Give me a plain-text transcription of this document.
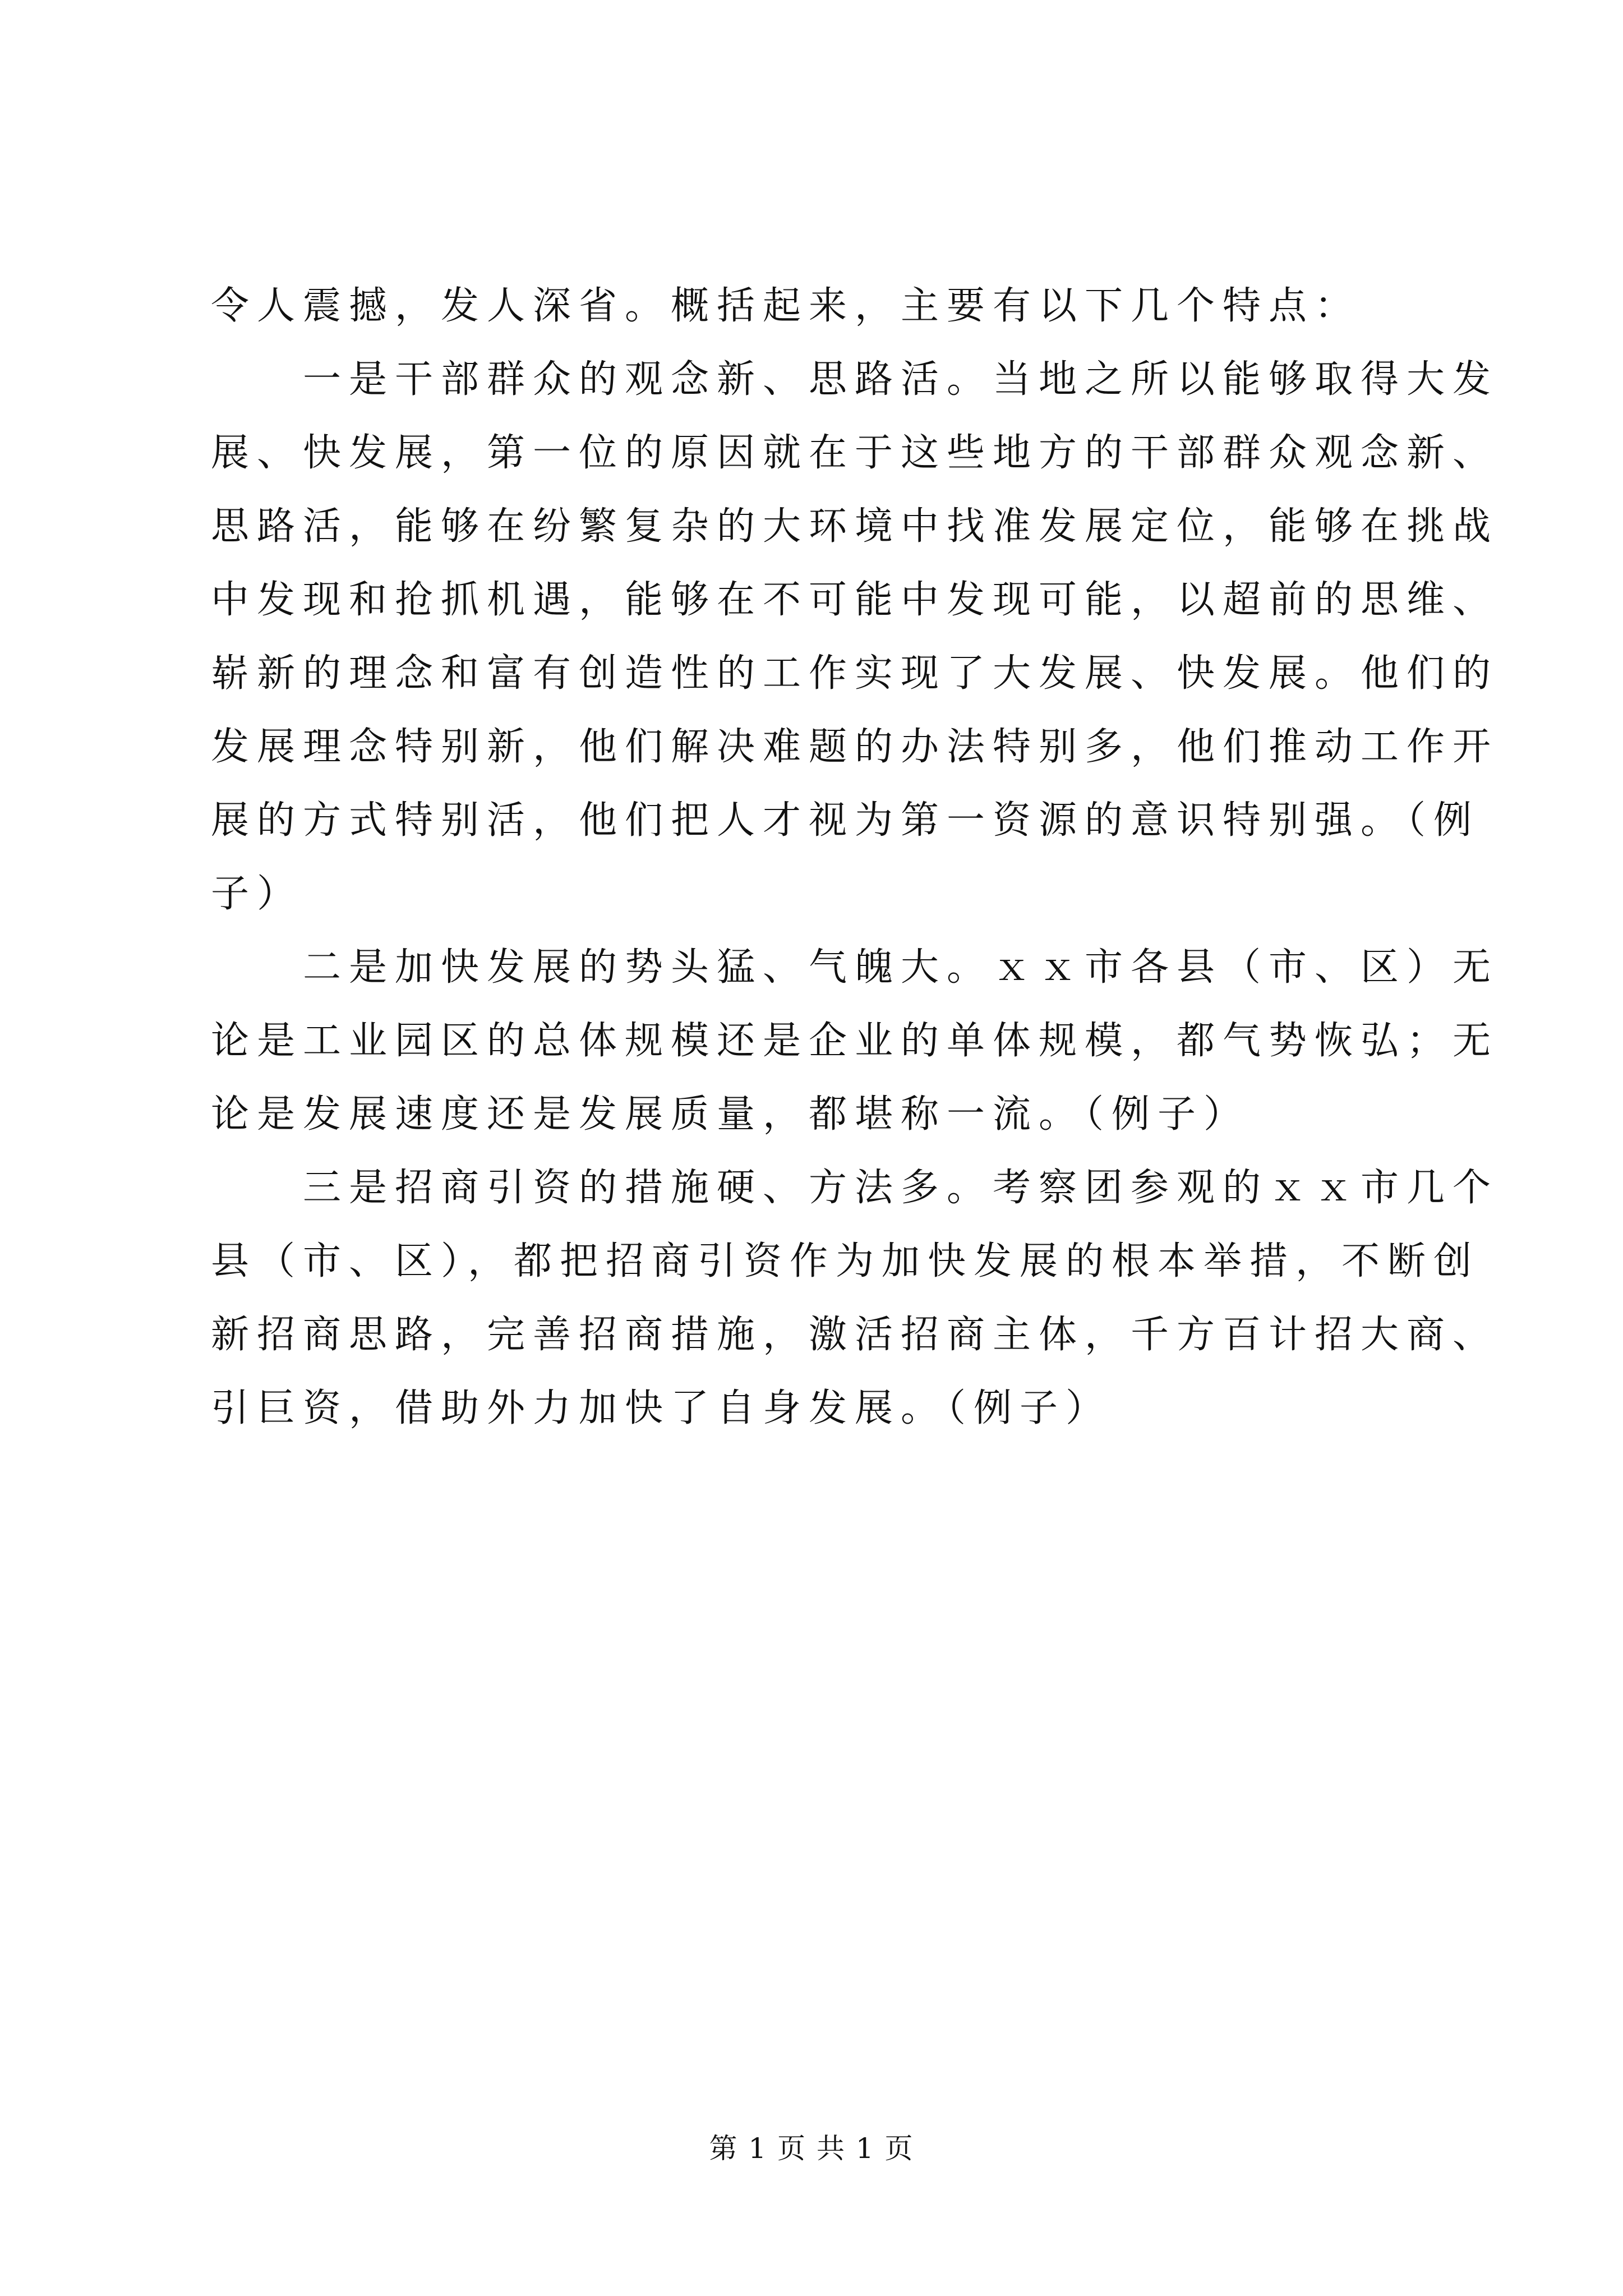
令人震撼，发人深省。概括起来，主要有以下几个特点：
一是干部群众的观念新、思路活。当地之所以能够取得大发
展、快发展，第一位的原因就在于这些地方的干部群众观念新、
思路活，能够在纷繁复杂的大环境中找准发展定位，能够在挑战
中发现和抢抓机遇，能够在不可能中发现可能，以超前的思维、
崭新的理念和富有创造性的工作实现了大发展、快发展。他们的
发展理念特别新，他们解决难题的办法特别多，他们推动工作开
展的方式特别活，他们把人才视为第一资源的意识特别强。（例
子）
二是加快发展的势头猛、气魄大。ｘｘ市各县（市、区）无
论是工业园区的总体规模还是企业的单体规模，都气势恢弘；无
论是发展速度还是发展质量，都堪称一流。（例子）
三是招商引资的措施硬、方法多。考察团参观的ｘｘ市几个
县（市、区），都把招商引资作为加快发展的根本举措，不断创
新招商思路，完善招商措施，激活招商主体，千方百计招大商、
引巨资，借助外力加快了自身发展。（例子）
第 1 页 共 1 页
